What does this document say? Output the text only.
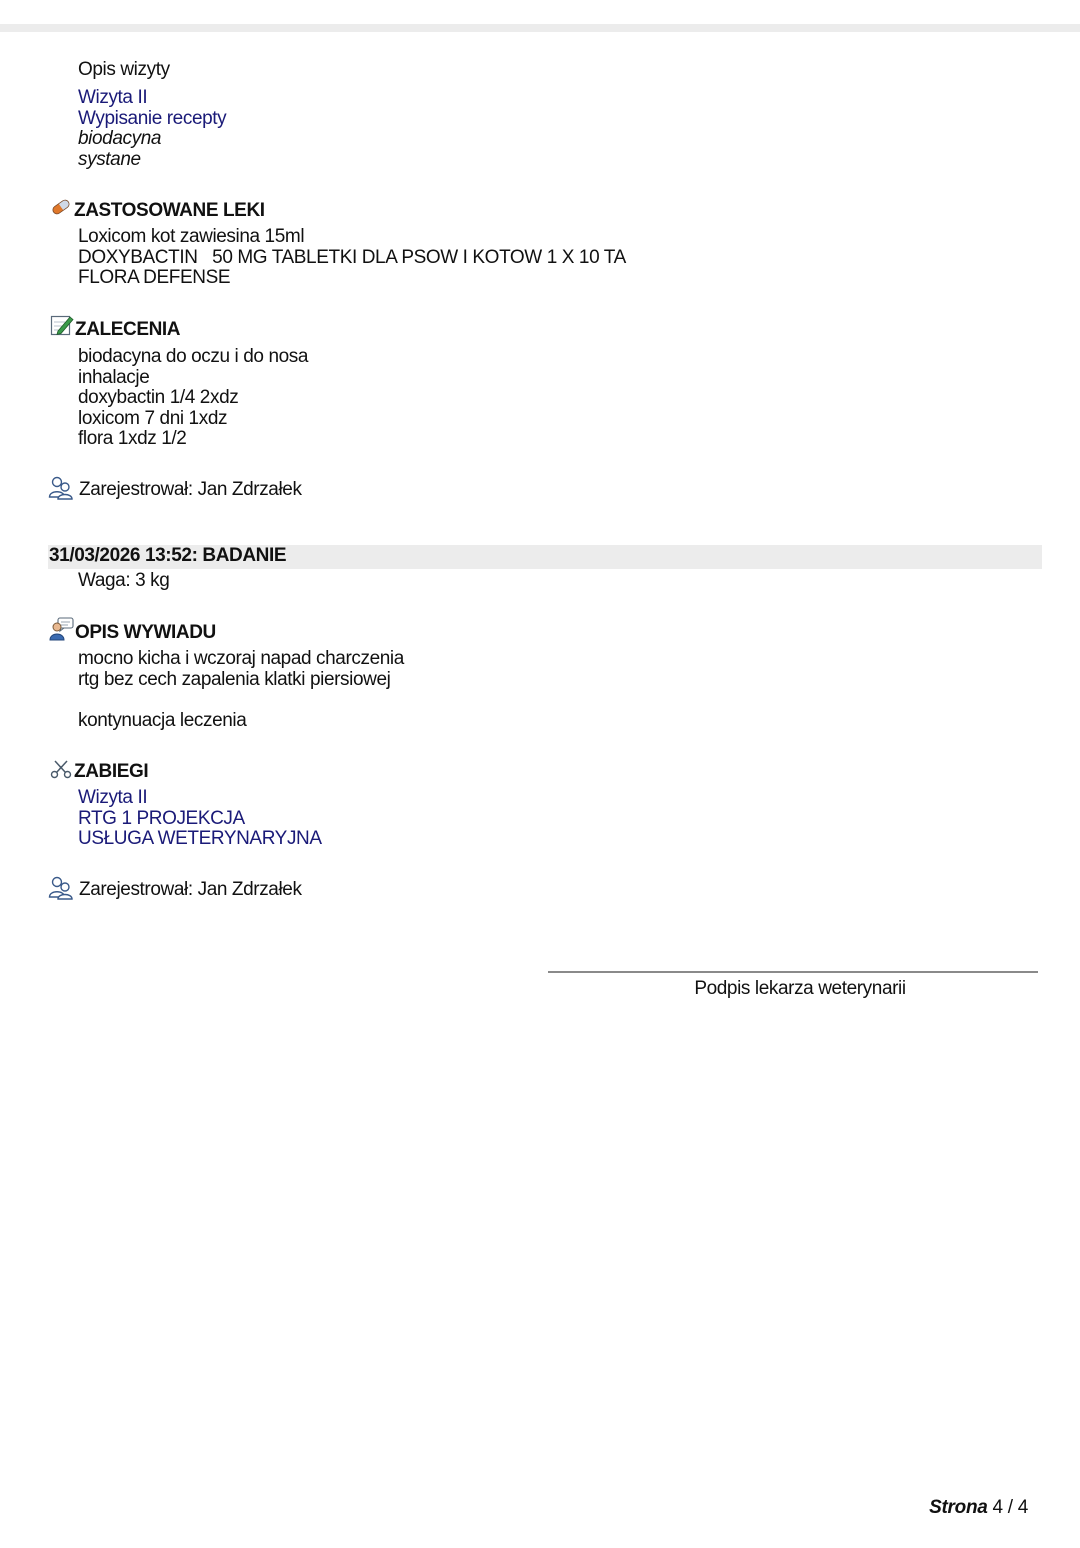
Opis wizyty
Wizyta II
Wypisanie recepty
biodacyna
systane
ZASTOSOWANE LEKI
Loxicom kot zawiesina 15ml
DOXYBACTIN   50 MG TABLETKI DLA PSOW I KOTOW 1 X 10 TA
FLORA DEFENSE
ZALECENIA
biodacyna do oczu i do nosa
inhalacje
doxybactin 1/4 2xdz
loxicom 7 dni 1xdz
flora 1xdz 1/2
Zarejestrował: Jan Zdrzałek
31/03/2026 13:52: BADANIE
Waga: 3 kg
OPIS WYWIADU
mocno kicha i wczoraj napad charczenia
rtg bez cech zapalenia klatki piersiowej
kontynuacja leczenia
ZABIEGI
Wizyta II
RTG 1 PROJEKCJA
USŁUGA WETERYNARYJNA
Zarejestrował: Jan Zdrzałek
Podpis lekarza weterynarii
Strona 4 / 4
